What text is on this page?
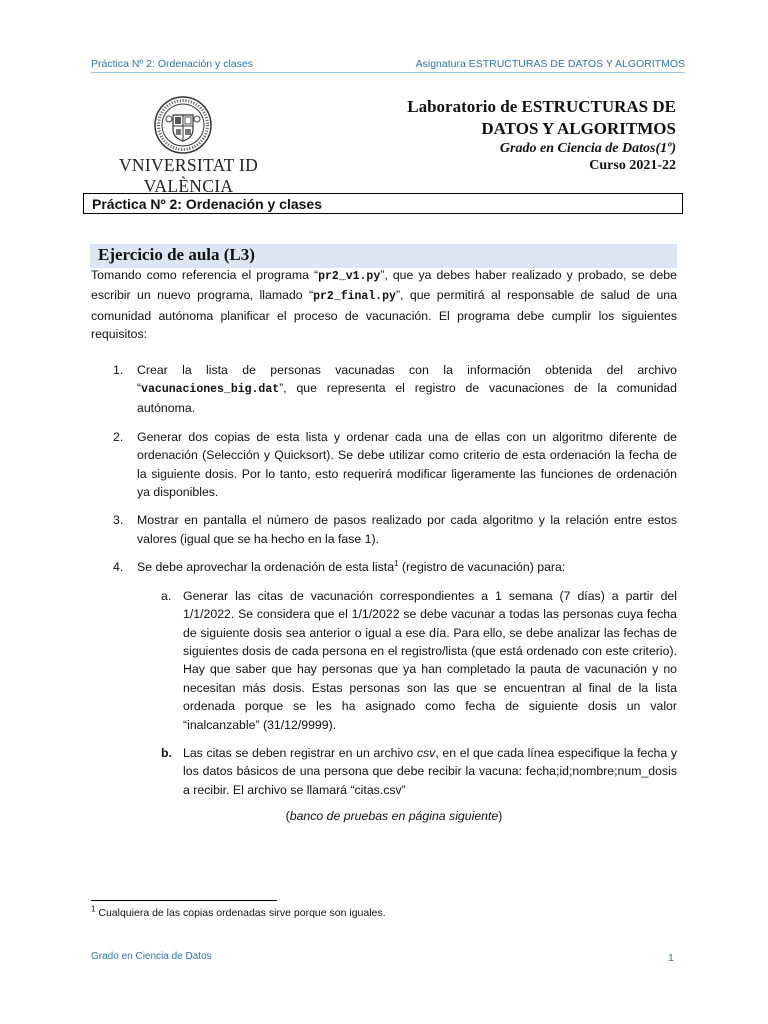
Práctica Nº 2: Ordenación y clases	Asignatura ESTRUCTURAS DE DATOS Y ALGORITMOS
VNIVERSITAT ID VALÈNCIA
Laboratorio de ESTRUCTURAS DE
DATOS Y ALGORITMOS
Grado en Ciencia de Datos(1º)
Curso 2021-22
Práctica Nº 2: Ordenación y clases
Ejercicio de aula (L3)

Tomando como referencia el programa “pr2_v1.py”, que ya debes haber realizado y probado, se debe escribir un nuevo programa, llamado “pr2_final.py”, que permitirá al responsable de salud de una comunidad autónoma planificar el proceso de vacunación. El programa debe cumplir los siguientes requisitos:

1. Crear la lista de personas vacunadas con la información obtenida del archivo “vacunaciones_big.dat”, que representa el registro de vacunaciones de la comunidad autónoma.
2. Generar dos copias de esta lista y ordenar cada una de ellas con un algoritmo diferente de ordenación (Selección y Quicksort). Se debe utilizar como criterio de esta ordenación la fecha de la siguiente dosis. Por lo tanto, esto requerirá modificar ligeramente las funciones de ordenación ya disponibles.
3. Mostrar en pantalla el número de pasos realizado por cada algoritmo y la relación entre estos valores (igual que se ha hecho en la fase 1).
4. Se debe aprovechar la ordenación de esta lista$^1$ (registro de vacunación) para:
a. Generar las citas de vacunación correspondientes a 1 semana (7 días) a partir del 1/1/2022. Se considera que el 1/1/2022 se debe vacunar a todas las personas cuya fecha de siguiente dosis sea anterior o igual a ese día. Para ello, se debe analizar las fechas de siguientes dosis de cada persona en el registro/lista (que está ordenado con este criterio). Hay que saber que hay personas que ya han completado la pauta de vacunación y no necesitan más dosis. Estas personas son las que se encuentran al final de la lista ordenada porque se les ha asignado como fecha de siguiente dosis un valor “inalcanzable” (31/12/9999).
b. Las citas se deben registrar en un archivo csv, en el que cada línea especifique la fecha y los datos básicos de una persona que debe recibir la vacuna: fecha;id;nombre;num_dosis a recibir. El archivo se llamará “citas.csv”
(banco de pruebas en página siguiente)
$^1$ Cualquiera de las copias ordenadas sirve porque son iguales.
Grado en Ciencia de Datos	1
